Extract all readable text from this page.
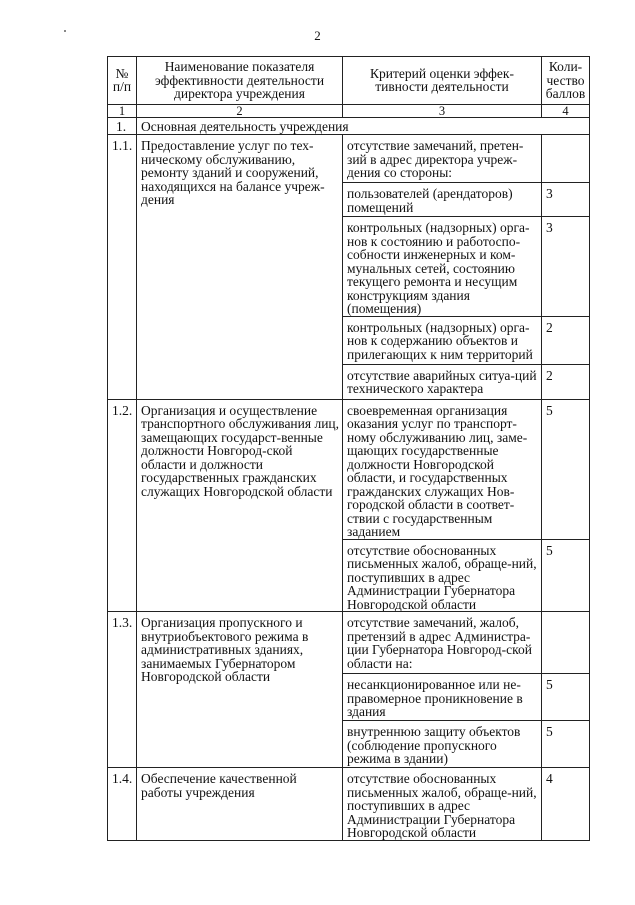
2
№ п/п	Наименование показателя эффективности деятельности директора учреждения	Критерий оценки эффек-тивности деятельности	Коли-чество баллов
1	2	3	4
1.	Основная деятельность учреждения		
1.1.	Предоставление услуг по тех-ническому обслуживанию, ремонту зданий и сооружений, находящихся на балансе учреж-дения	отсутствие замечаний, претен-зий в адрес директора учреж-дения со стороны:	
		пользователей (арендаторов) помещений	3
		контрольных (надзорных) орга-нов к состоянию и работоспо-собности инженерных и ком-мунальных сетей, состоянию текущего ремонта и несущим конструкциям здания (помещения)	3
		контрольных (надзорных) орга-нов к содержанию объектов и прилегающих к ним территорий	2
		отсутствие аварийных ситуа-ций технического характера	2
1.2.	Организация и осуществление транспортного обслуживания лиц, замещающих государст-венные должности Новгород-ской области и должности государственных гражданских служащих Новгородской области	своевременная организация оказания услуг по транспорт-ному обслуживанию лиц, заме-щающих государственные должности Новгородской области, и государственных гражданских служащих Нов-городской области в соответ-ствии с государственным заданием	5
		отсутствие обоснованных письменных жалоб, обраще-ний, поступивших в адрес Администрации Губернатора Новгородской области	5
1.3.	Организация пропускного и внутриобъектового режима в административных зданиях, занимаемых Губернатором Новгородской области	отсутствие замечаний, жалоб, претензий в адрес Администра-ции Губернатора Новгород-ской области на:	
		несанкционированное или не-правомерное проникновение в здания	5
		внутреннюю защиту объектов (соблюдение пропускного режима в здании)	5
1.4.	Обеспечение качественной работы учреждения	отсутствие обоснованных письменных жалоб, обраще-ний, поступивших в адрес Администрации Губернатора Новгородской области	4
